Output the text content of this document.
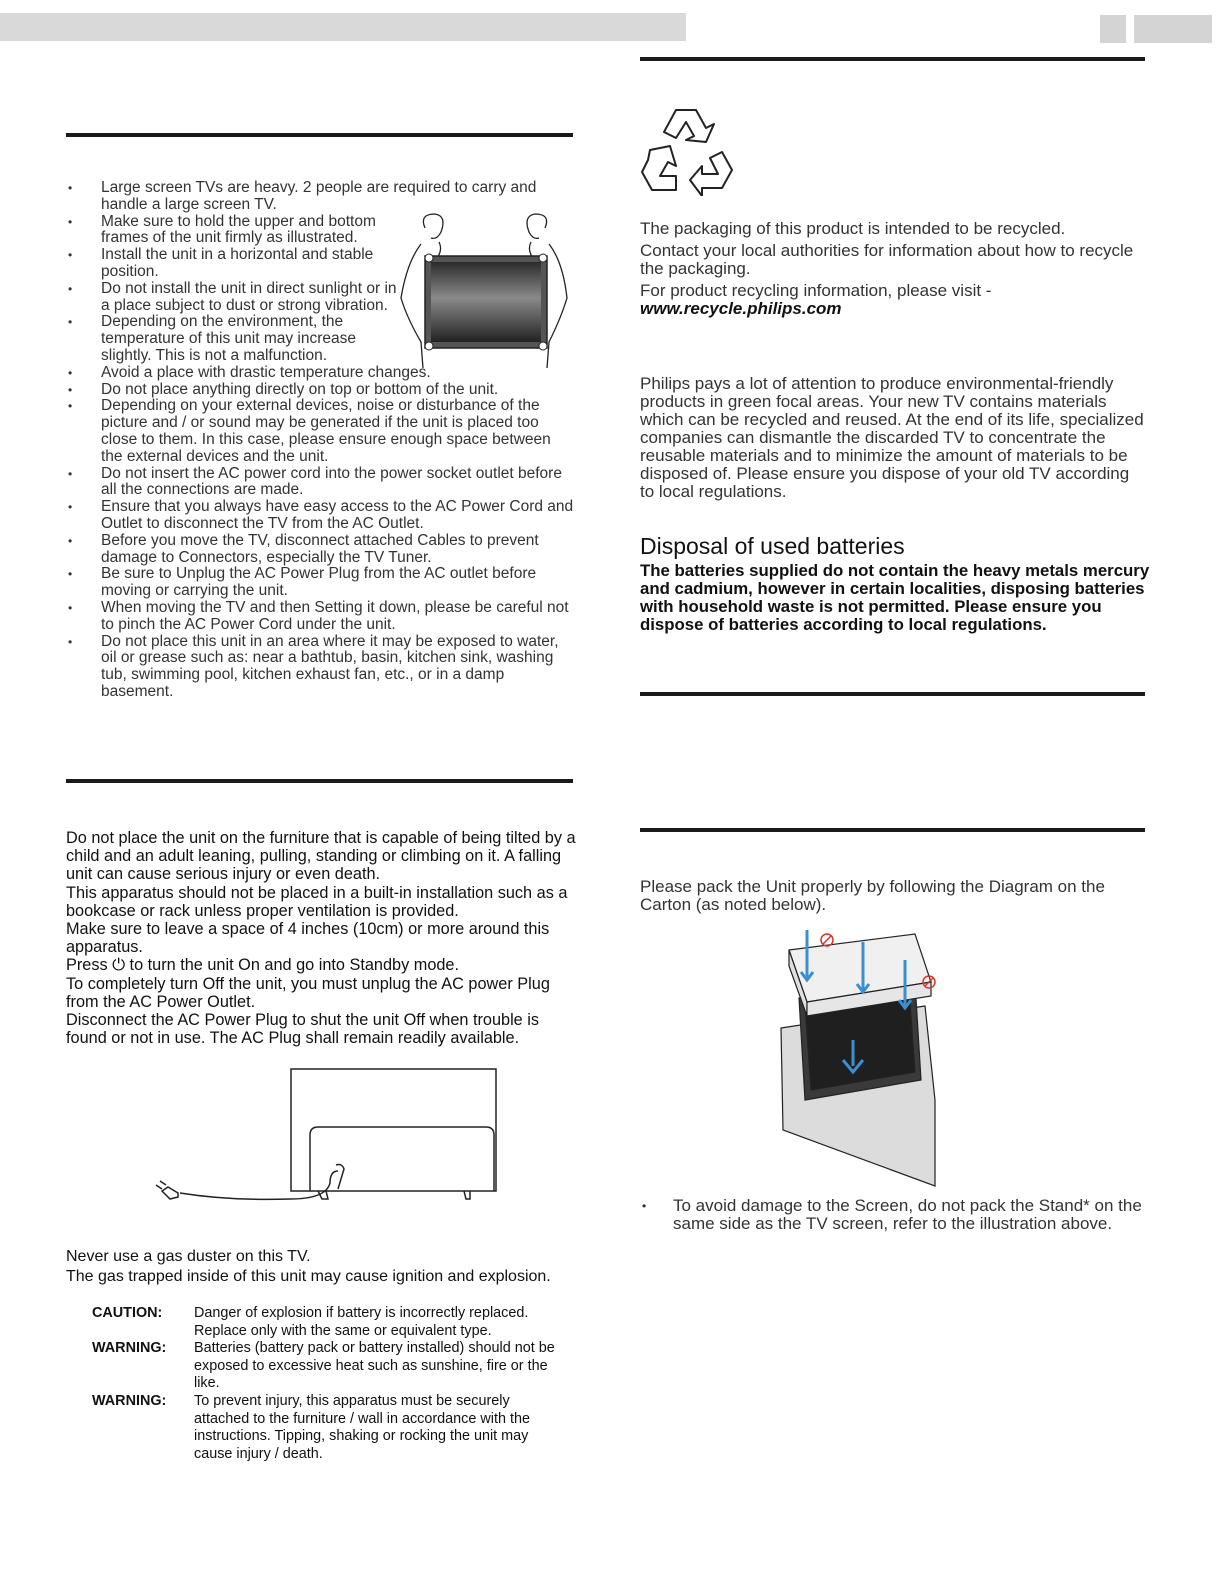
• Large screen TVs are heavy. 2 people are required to carry and handle a large screen TV.
• Make sure to hold the upper and bottom frames of the unit firmly as illustrated.
• Install the unit in a horizontal and stable position.
• Do not install the unit in direct sunlight or in a place subject to dust or strong vibration.
• Depending on the environment, the temperature of this unit may increase slightly. This is not a malfunction.
• Avoid a place with drastic temperature changes.
• Do not place anything directly on top or bottom of the unit.
• Depending on your external devices, noise or disturbance of the picture and / or sound may be generated if the unit is placed too close to them. In this case, please ensure enough space between the external devices and the unit.
• Do not insert the AC power cord into the power socket outlet before all the connections are made.
• Ensure that you always have easy access to the AC Power Cord and Outlet to disconnect the TV from the AC Outlet.
• Before you move the TV, disconnect attached Cables to prevent damage to Connectors, especially the TV Tuner.
• Be sure to Unplug the AC Power Plug from the AC outlet before moving or carrying the unit.
• When moving the TV and then Setting it down, please be careful not to pinch the AC Power Cord under the unit.
• Do not place this unit in an area where it may be exposed to water, oil or grease such as: near a bathtub, basin, kitchen sink, washing tub, swimming pool, kitchen exhaust fan, etc., or in a damp basement.

Do not place the unit on the furniture that is capable of being tilted by a child and an adult leaning, pulling, standing or climbing on it. A falling unit can cause serious injury or even death.

This apparatus should not be placed in a built-in installation such as a bookcase or rack unless proper ventilation is provided.

Make sure to leave a space of 4 inches (10cm) or more around this apparatus.

Press ⏻ to turn the unit On and go into Standby mode.

To completely turn Off the unit, you must unplug the AC power Plug from the AC Power Outlet.

Disconnect the AC Power Plug to shut the unit Off when trouble is found or not in use. The AC Plug shall remain readily available.

Never use a gas duster on this TV.

The gas trapped inside of this unit may cause ignition and explosion.

CAUTION:	Danger of explosion if battery is incorrectly replaced. Replace only with the same or equivalent type.
WARNING:	Batteries (battery pack or battery installed) should not be exposed to excessive heat such as sunshine, fire or the like.
WARNING:	To prevent injury, this apparatus must be securely attached to the furniture / wall in accordance with the instructions. Tipping, shaking or rocking the unit may cause injury / death.

The packaging of this product is intended to be recycled.

Contact your local authorities for information about how to recycle the packaging.

For product recycling information, please visit -

www.recycle.philips.com
Philips pays a lot of attention to produce environmental-friendly products in green focal areas. Your new TV contains materials which can be recycled and reused. At the end of its life, specialized companies can dismantle the discarded TV to concentrate the reusable materials and to minimize the amount of materials to be disposed of. Please ensure you dispose of your old TV according to local regulations.
Disposal of used batteries
The batteries supplied do not contain the heavy metals mercury and cadmium, however in certain localities, disposing batteries with household waste is not permitted. Please ensure you dispose of batteries according to local regulations.
Please pack the Unit properly by following the Diagram on the Carton (as noted below).
• To avoid damage to the Screen, do not pack the Stand* on the same side as the TV screen, refer to the illustration above.
